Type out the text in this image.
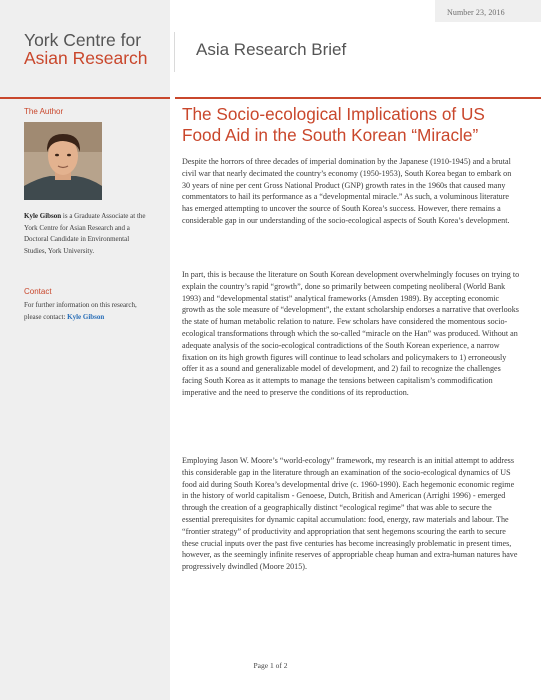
Number 23, 2016
York Centre for
Asian Research	Asia Research Brief
The Author
Kyle Gibson is a Graduate Associate at the York Centre for Asian Research and a Doctoral Candidate in Environmental Studies, York University.
Contact
For further information on this research, please contact: Kyle Gibson
The Socio-ecological Implications of US Food Aid in the South Korean “Miracle”
Despite the horrors of three decades of imperial domination by the Japanese (1910-1945) and a brutal civil war that nearly decimated the country’s economy (1950-1953), South Korea began to embark on 30 years of nine per cent Gross National Product (GNP) growth rates in the 1960s that caused many commentators to hail its performance as a “developmental miracle.” As such, a voluminous literature has emerged attempting to uncover the source of South Korea’s success. However, there remains a considerable gap in our understanding of the socio-ecological aspects of South Korea’s development.
In part, this is because the literature on South Korean development overwhelmingly focuses on trying to explain the country’s rapid “growth”, done so primarily between competing neoliberal (World Bank 1993) and “developmental statist” analytical frameworks (Amsden 1989). By accepting economic growth as the sole measure of “development”, the extant scholarship endorses a narrative that overlooks the state of human metabolic relation to nature. Few scholars have considered the momentous socio-ecological transformations through which the so-called “miracle on the Han” was produced. Without an adequate analysis of the socio-ecological contradictions of the South Korean experience, a narrow fixation on its high growth figures will continue to lead scholars and policymakers to 1) erroneously offer it as a sound and generalizable model of development, and 2) fail to recognize the challenges facing South Korea as it attempts to manage the tensions between capitalism’s commodification imperative and the need to preserve the conditions of its reproduction.
Employing Jason W. Moore’s “world-ecology” framework, my research is an initial attempt to address this considerable gap in the literature through an examination of the socio-ecological dynamics of US food aid during South Korea’s developmental drive (c. 1960-1990). Each hegemonic economic regime in the history of world capitalism - Genoese, Dutch, British and American (Arrighi 1996) - emerged through the creation of a geographically distinct “ecological regime” that was able to secure the essential prerequisites for dynamic capital accumulation: food, energy, raw materials and labour. The “frontier strategy” of productivity and appropriation that sent hegemons scouring the earth to secure these crucial inputs over the past five centuries has become increasingly problematic in present times, however, as the seemingly infinite reserves of appropriable cheap human and extra-human natures have progressively dwindled (Moore 2015).
Page 1 of 2
